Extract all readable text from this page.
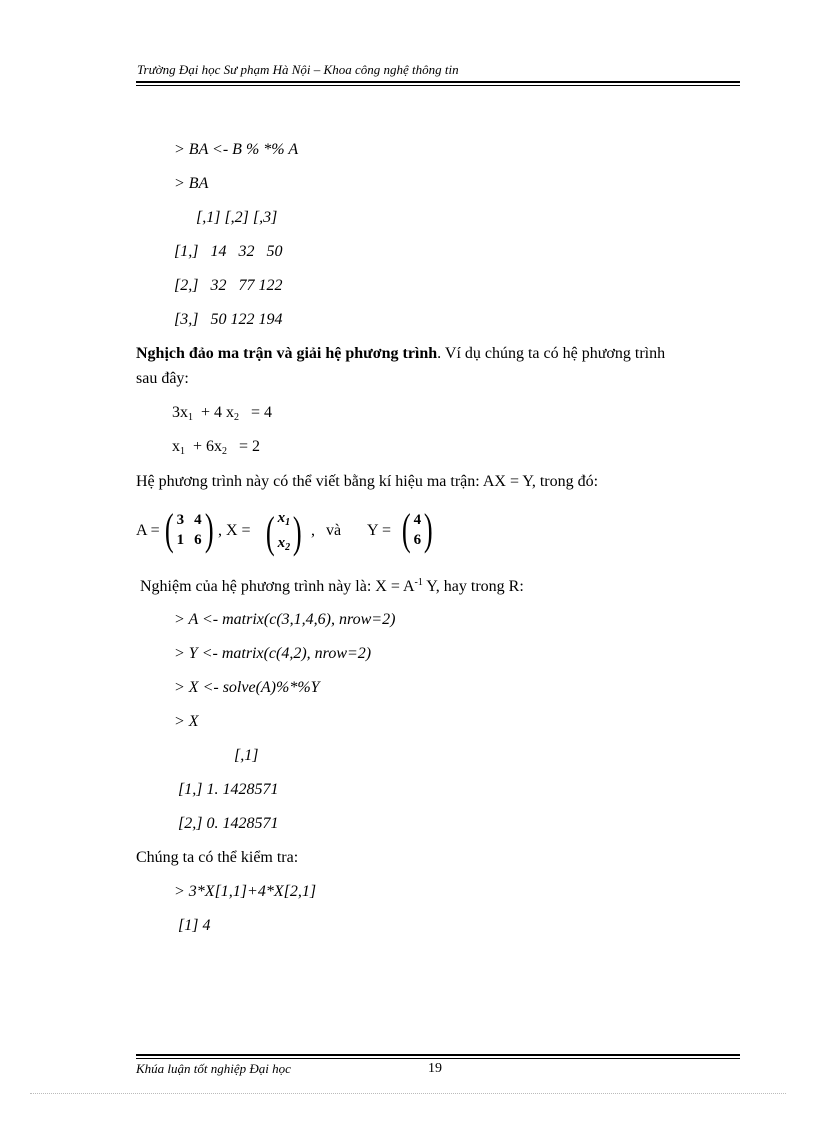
Trường Đại học Sư phạm Hà Nội – Khoa công nghệ thông tin
> BA <- B % *% A
> BA
[,1] [,2] [,3]
[1,]   14   32   50
[2,]   32   77 122
[3,]   50 122 194
Nghịch đảo ma trận và giải hệ phương trình. Ví dụ chúng ta có hệ phương trình
sau đây:
$3x_1 + 4$ $x_2 = 4$
$x_1 + 6x_2 = 2$
Hệ phương trình này có thể viết bằng kí hiệu ma trận: AX = Y, trong đó:
A = ( 3 4
1 6 ) , X = ( $x_1$
$x_2$ ) , và Y = ( 4
6 )
Nghiệm của hệ phương trình này là: $X = A^{-1}$ Y, hay trong R:
> A <- matrix(c(3,1,4,6), nrow=2)
> Y <- matrix(c(4,2), nrow=2)
> X <- solve(A)%*%Y
> X
[,1]
[1,] 1. 1428571
[2,] 0. 1428571
Chúng ta có thể kiểm tra:
> 3*X[1,1]+4*X[2,1]
[1] 4
Khúa luận tốt nghiệp Đại học	19
